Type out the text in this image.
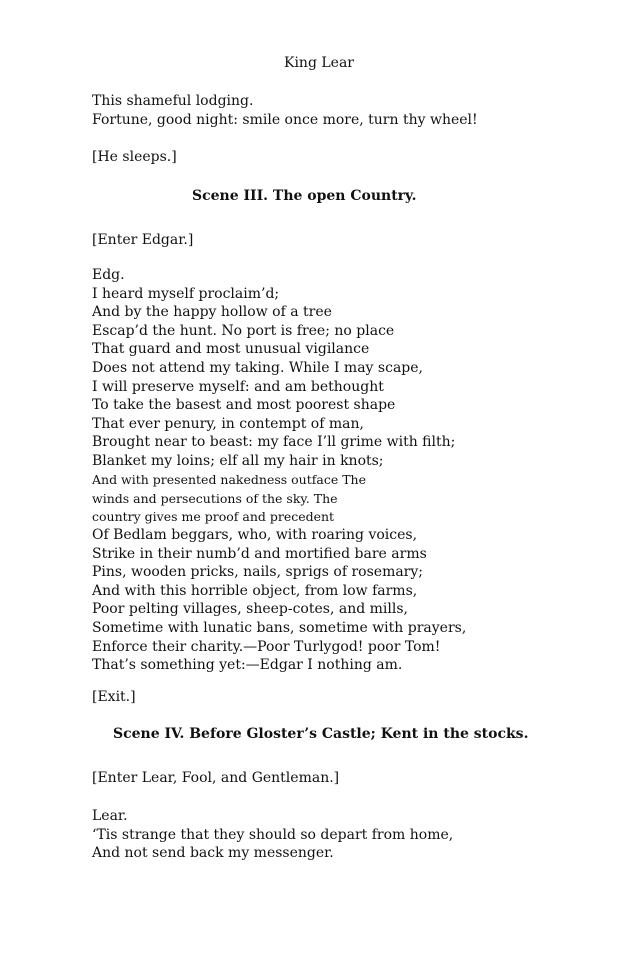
King Lear
This shameful lodging.
Fortune, good night: smile once more, turn thy wheel!
[He sleeps.]
Scene III. The open Country.
[Enter Edgar.]
Edg.
I heard myself proclaim’d;
And by the happy hollow of a tree
Escap’d the hunt. No port is free; no place
That guard and most unusual vigilance
Does not attend my taking. While I may scape,
I will preserve myself: and am bethought
To take the basest and most poorest shape
That ever penury, in contempt of man,
Brought near to beast: my face I’ll grime with filth;
Blanket my loins; elf all my hair in knots;
And with presented nakedness outface The
winds and persecutions of the sky. The
country gives me proof and precedent
Of Bedlam beggars, who, with roaring voices,
Strike in their numb’d and mortified bare arms
Pins, wooden pricks, nails, sprigs of rosemary;
And with this horrible object, from low farms,
Poor pelting villages, sheep-cotes, and mills,
Sometime with lunatic bans, sometime with prayers,
Enforce their charity.—Poor Turlygod! poor Tom!
That’s something yet:—Edgar I nothing am.
[Exit.]
Scene IV. Before Gloster’s Castle; Kent in the stocks.
[Enter Lear, Fool, and Gentleman.]
Lear.
‘Tis strange that they should so depart from home,
And not send back my messenger.
